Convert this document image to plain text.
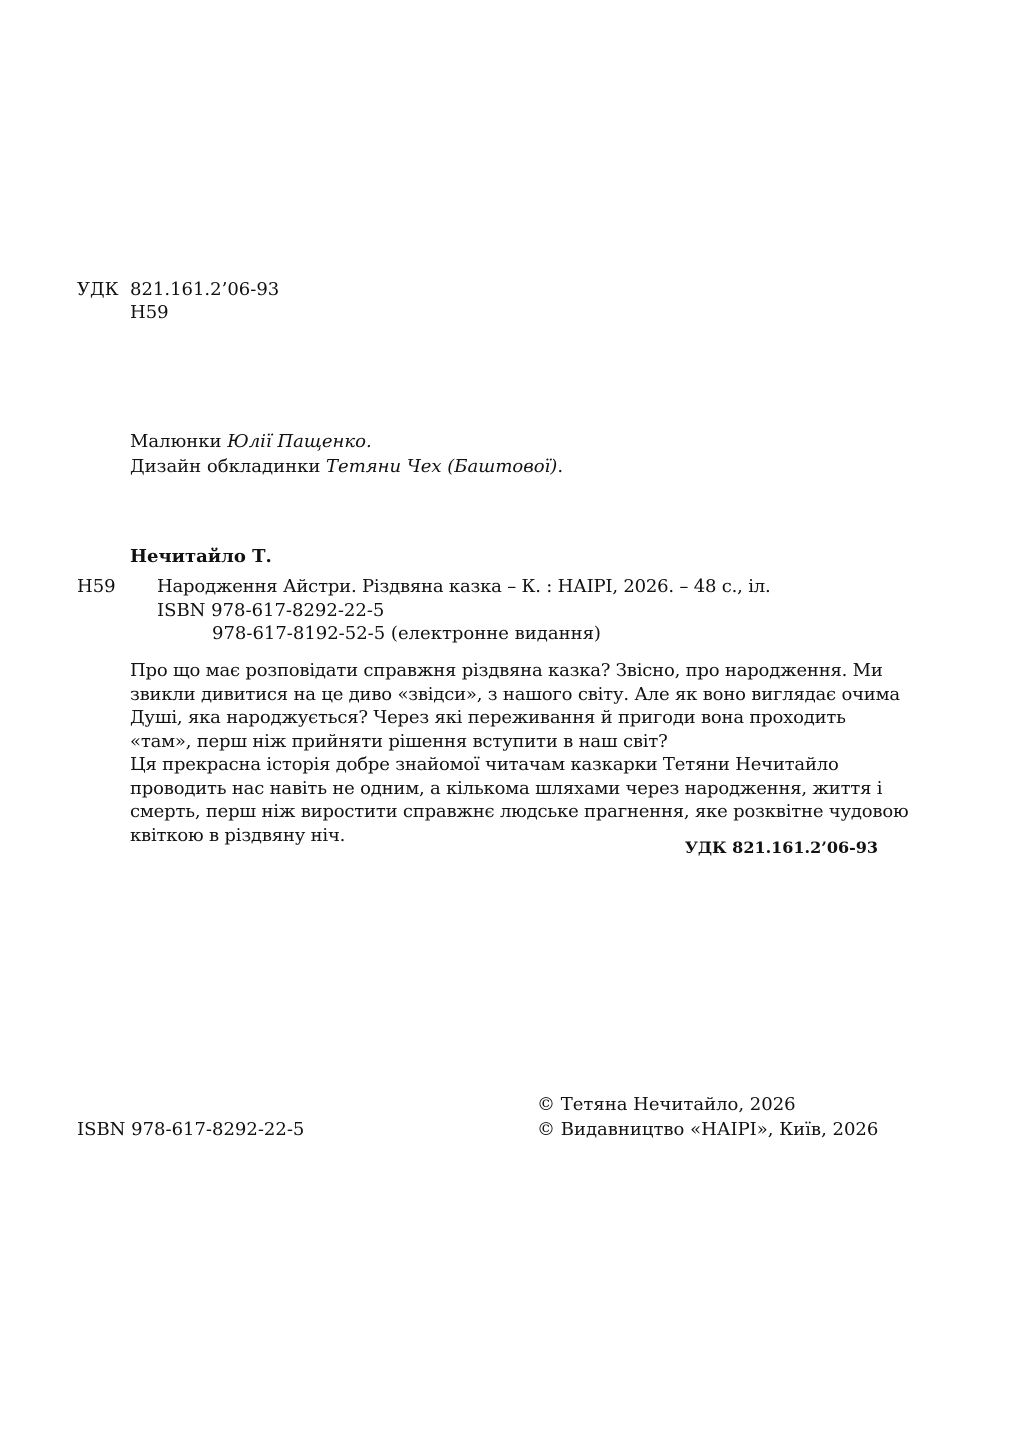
УДК 821.161.2’06-93
Н59
Малюнки Юлії Пащенко.
Дизайн обкладинки Тетяни Чех (Баштової).
Нечитайло Т.
Н59 Народження Айстри. Різдвяна казка – К. : НАІРІ, 2026. – 48 с., іл.
ISBN 978-617-8292-22-5
978-617-8192-52-5 (електронне видання)

Про що має розповідати справжня різдвяна казка? Звісно, про народження. Ми
звикли дивитися на це диво «звідси», з нашого світу. Але як воно виглядає очима
Душі, яка народжується? Через які переживання й пригоди вона проходить
«там», перш ніж прийняти рішення вступити в наш світ?
Ця прекрасна історія добре знайомої читачам казкарки Тетяни Нечитайло
проводить нас навіть не одним, а кількома шляхами через народження, життя і
смерть, перш ніж виростити справжнє людське прагнення, яке розквітне чудовою
квіткою в різдвяну ніч.

УДК 821.161.2’06-93
ISBN 978-617-8292-22-5
© Тетяна Нечитайло, 2026
© Видавництво «НАІРІ», Київ, 2026
